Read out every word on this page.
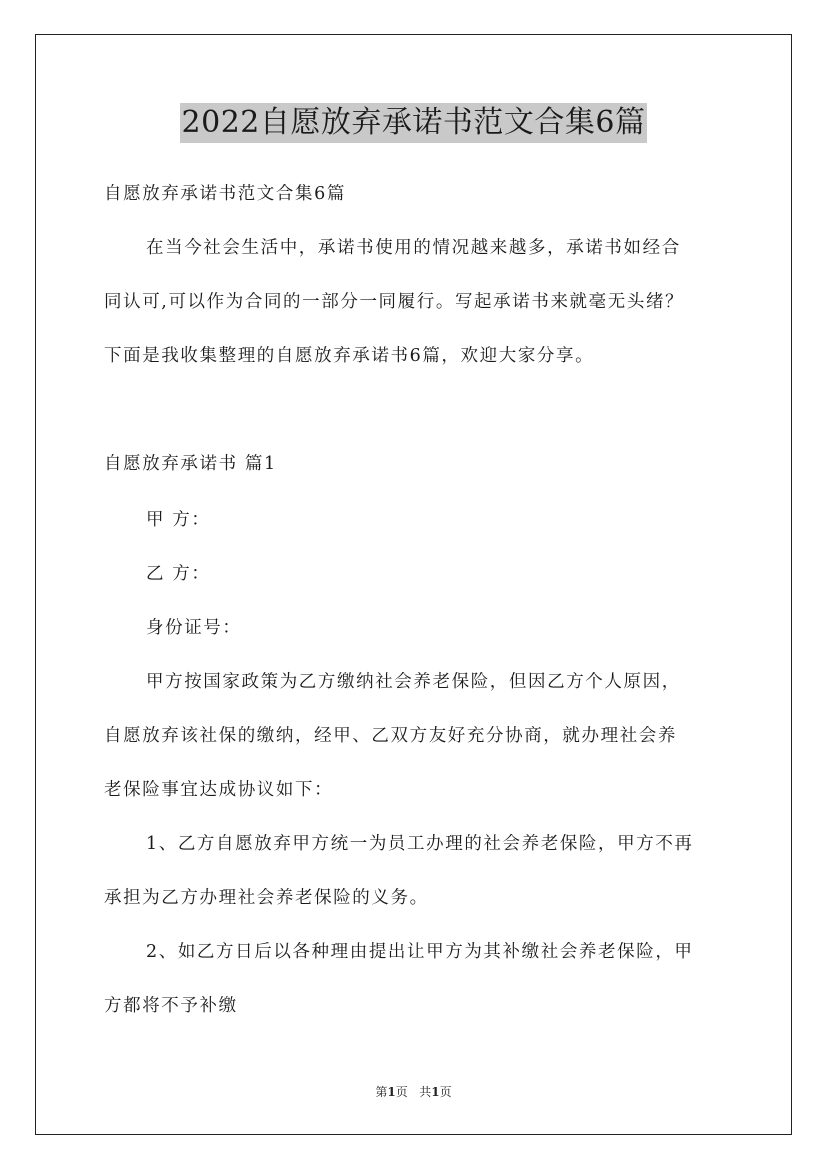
2022自愿放弃承诺书范文合集6篇

自愿放弃承诺书范文合集6篇

在当今社会生活中，承诺书使用的情况越来越多，承诺书如经合

同认可,可以作为合同的一部分一同履行。写起承诺书来就毫无头绪？

下面是我收集整理的自愿放弃承诺书6篇，欢迎大家分享。

自愿放弃承诺书 篇1

甲 方：

乙 方：

身份证号：

甲方按国家政策为乙方缴纳社会养老保险，但因乙方个人原因，

自愿放弃该社保的缴纳，经甲、乙双方友好充分协商，就办理社会养

老保险事宜达成协议如下：

1、乙方自愿放弃甲方统一为员工办理的社会养老保险，甲方不再

承担为乙方办理社会养老保险的义务。

2、如乙方日后以各种理由提出让甲方为其补缴社会养老保险，甲

方都将不予补缴

第1页 共1页
